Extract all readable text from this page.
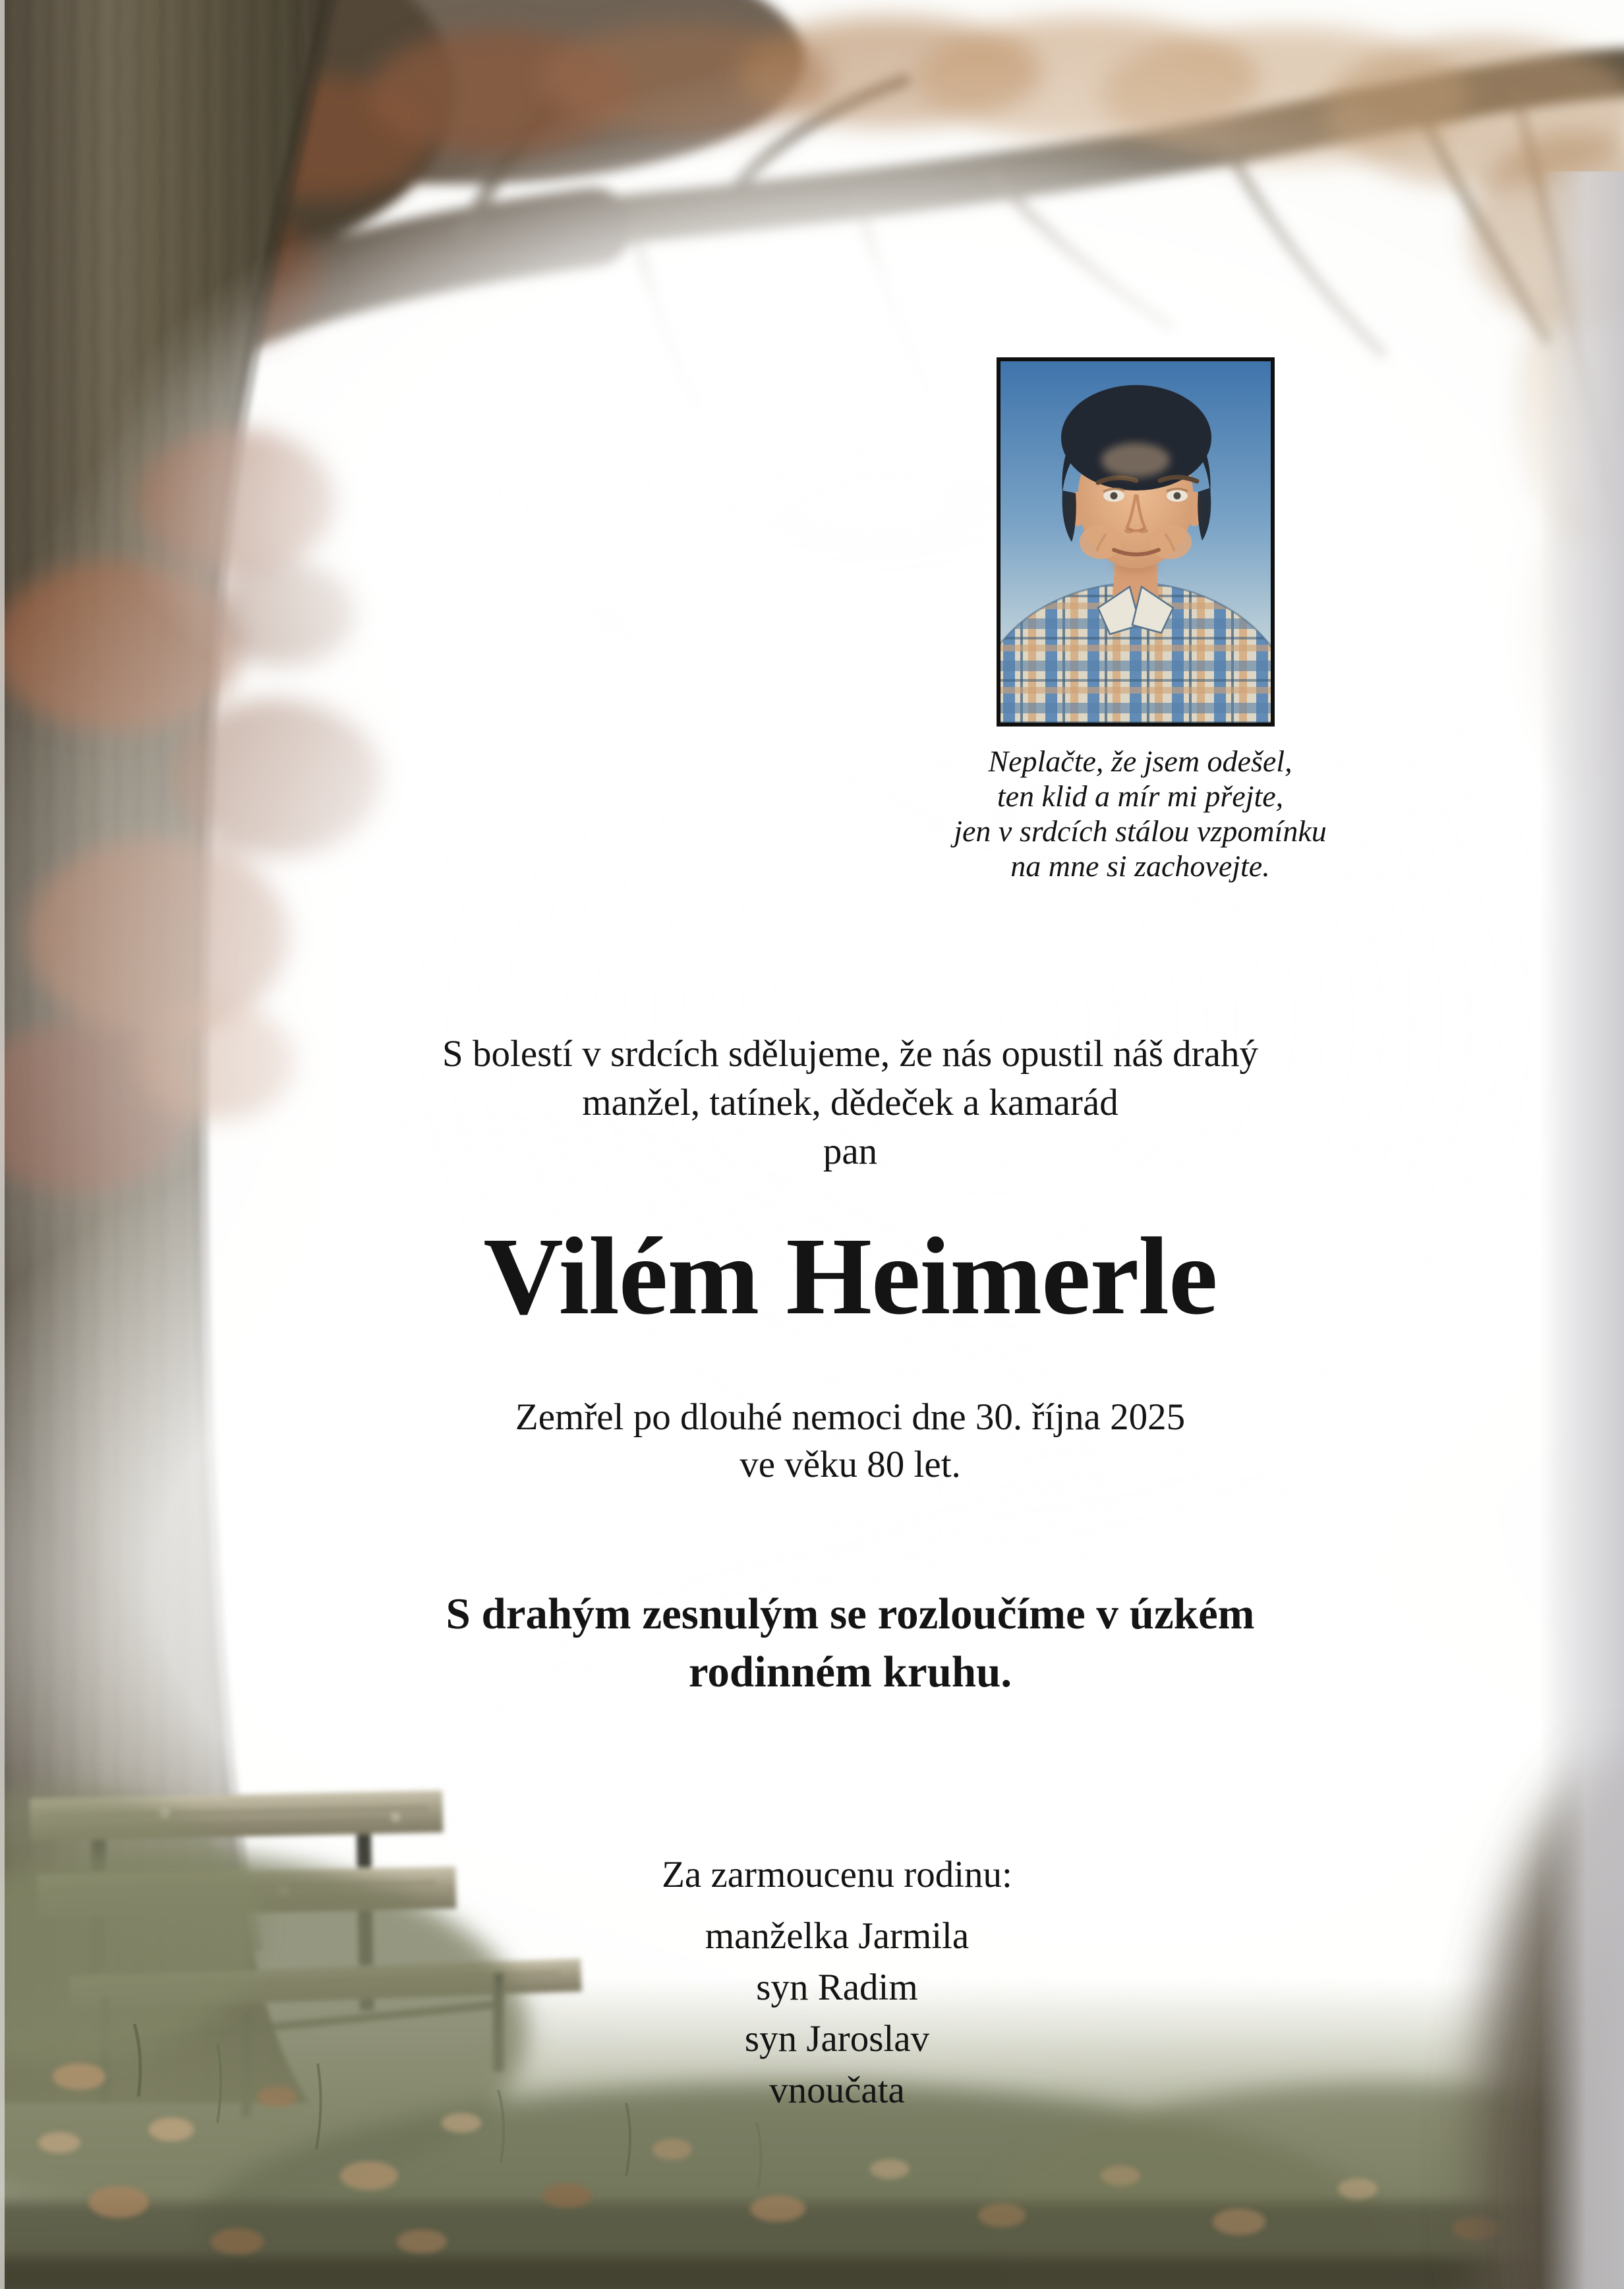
Neplačte, že jsem odešel,
ten klid a mír mi přejte,
jen v srdcích stálou vzpomínku
na mne si zachovejte.
S bolestí v srdcích sdělujeme, že nás opustil náš drahý
manžel, tatínek, dědeček a kamarád
pan
Vilém Heimerle
Zemřel po dlouhé nemoci dne 30. října 2025
ve věku 80 let.
S drahým zesnulým se rozloučíme v úzkém
rodinném kruhu.
Za zarmoucenu rodinu:
manželka Jarmila
syn Radim
syn Jaroslav
vnoučata
